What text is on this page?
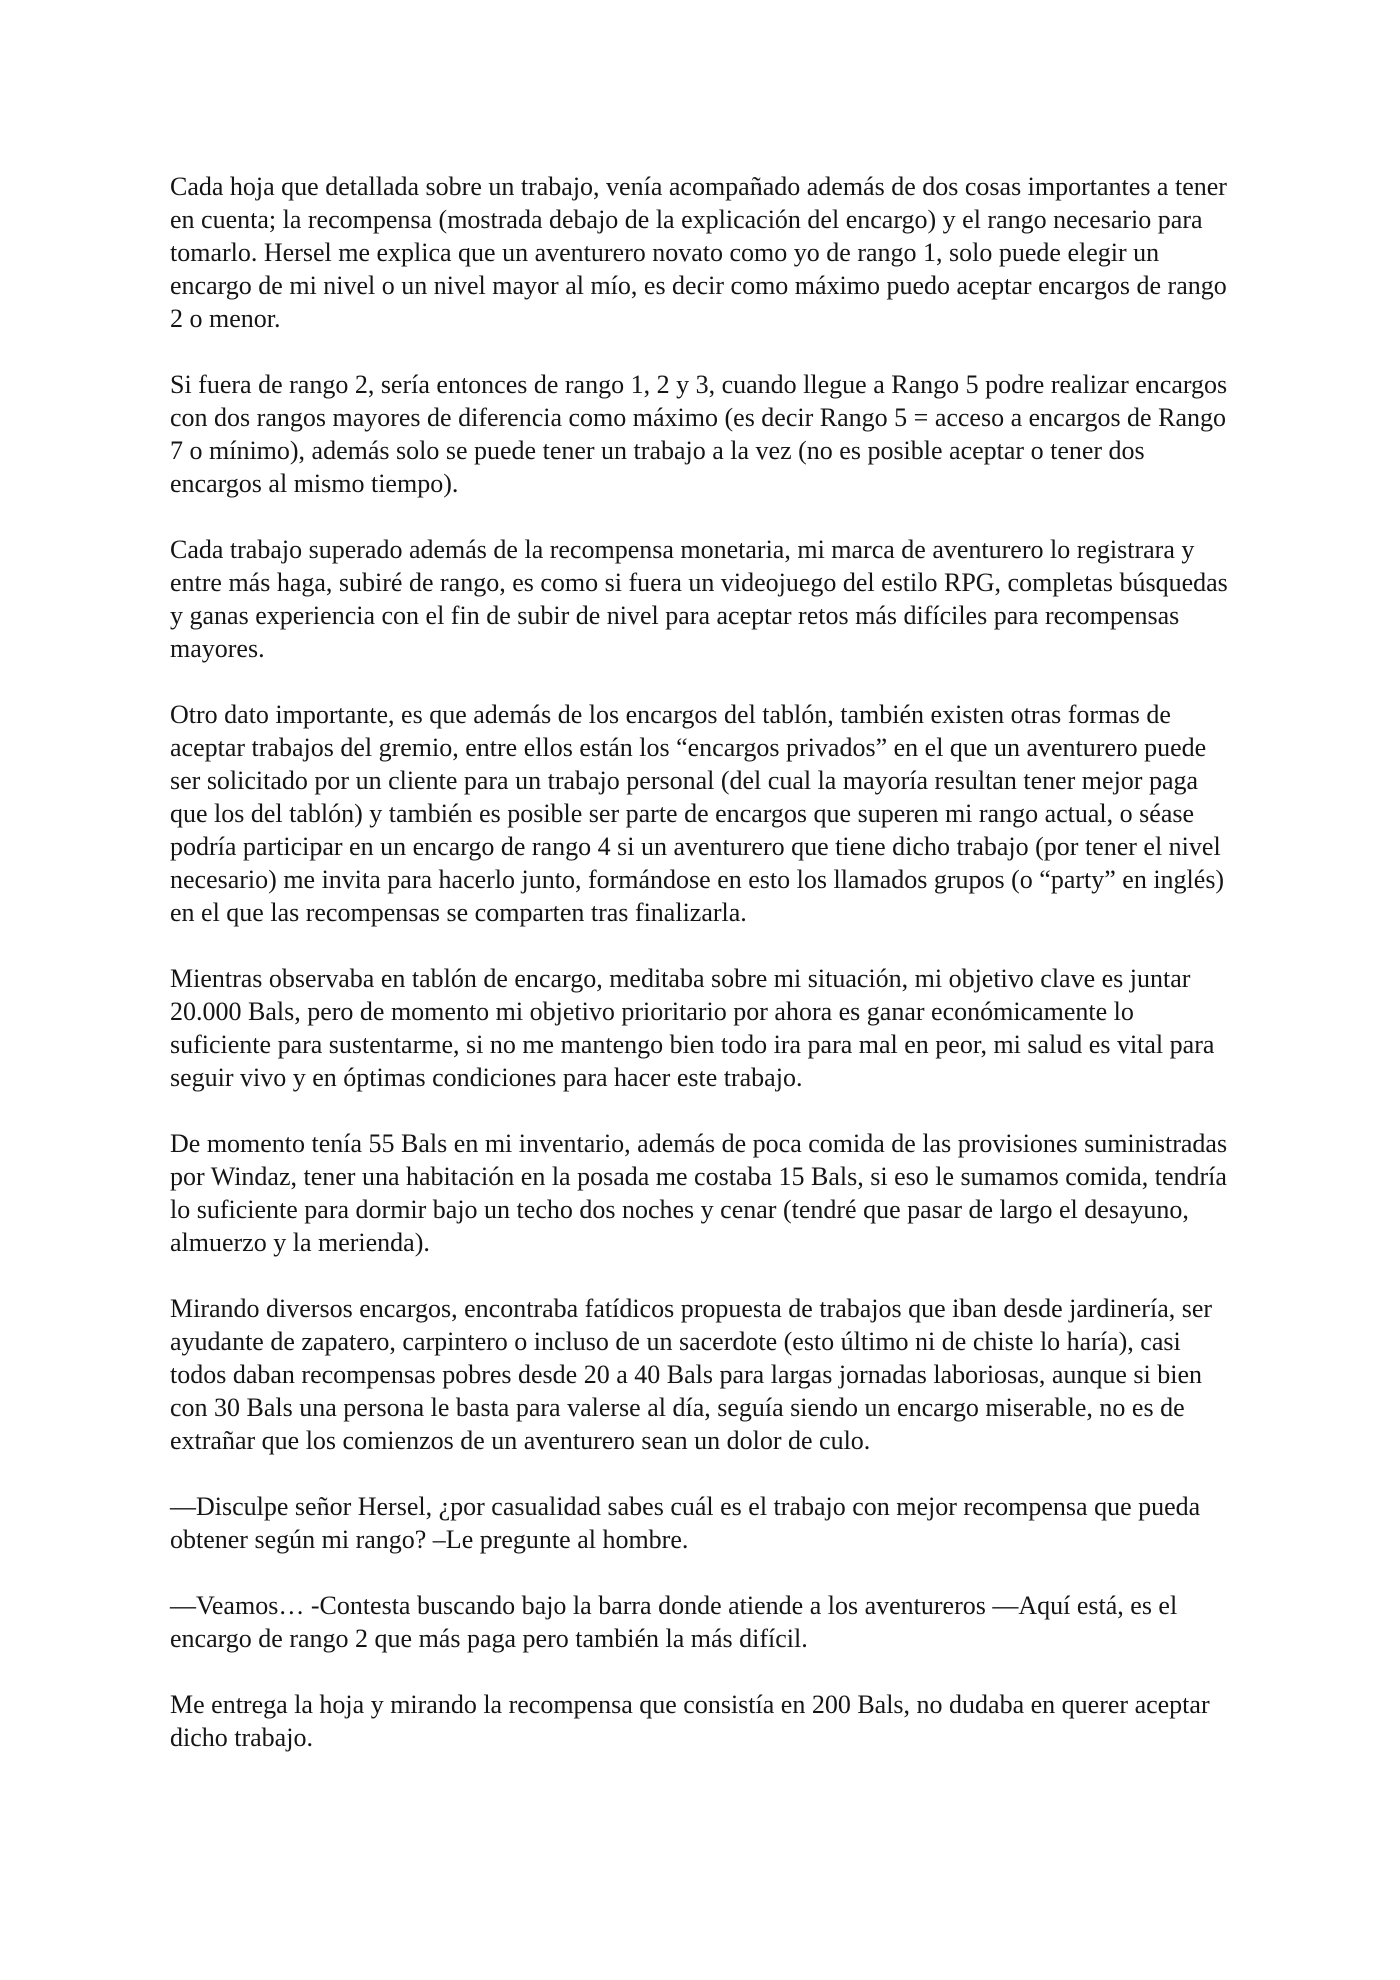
Cada hoja que detallada sobre un trabajo, venía acompañado además de dos cosas importantes a tener en cuenta; la recompensa (mostrada debajo de la explicación del encargo) y el rango necesario para tomarlo. Hersel me explica que un aventurero novato como yo de rango 1, solo puede elegir un encargo de mi nivel o un nivel mayor al mío, es decir como máximo puedo aceptar encargos de rango 2 o menor.

Si fuera de rango 2, sería entonces de rango 1, 2 y 3, cuando llegue a Rango 5 podre realizar encargos con dos rangos mayores de diferencia como máximo (es decir Rango 5 = acceso a encargos de Rango 7 o mínimo), además solo se puede tener un trabajo a la vez (no es posible aceptar o tener dos encargos al mismo tiempo).

Cada trabajo superado además de la recompensa monetaria, mi marca de aventurero lo registrara y entre más haga, subiré de rango, es como si fuera un videojuego del estilo RPG, completas búsquedas y ganas experiencia con el fin de subir de nivel para aceptar retos más difíciles para recompensas mayores.

Otro dato importante, es que además de los encargos del tablón, también existen otras formas de aceptar trabajos del gremio, entre ellos están los “encargos privados” en el que un aventurero puede ser solicitado por un cliente para un trabajo personal (del cual la mayoría resultan tener mejor paga que los del tablón) y también es posible ser parte de encargos que superen mi rango actual, o séase podría participar en un encargo de rango 4 si un aventurero que tiene dicho trabajo (por tener el nivel necesario) me invita para hacerlo junto, formándose en esto los llamados grupos (o “party” en inglés) en el que las recompensas se comparten tras finalizarla.

Mientras observaba en tablón de encargo, meditaba sobre mi situación, mi objetivo clave es juntar 20.000 Bals, pero de momento mi objetivo prioritario por ahora es ganar económicamente lo suficiente para sustentarme, si no me mantengo bien todo ira para mal en peor, mi salud es vital para seguir vivo y en óptimas condiciones para hacer este trabajo.

De momento tenía 55 Bals en mi inventario, además de poca comida de las provisiones suministradas por Windaz, tener una habitación en la posada me costaba 15 Bals, si eso le sumamos comida, tendría lo suficiente para dormir bajo un techo dos noches y cenar (tendré que pasar de largo el desayuno, almuerzo y la merienda).

Mirando diversos encargos, encontraba fatídicos propuesta de trabajos que iban desde jardinería, ser ayudante de zapatero, carpintero o incluso de un sacerdote (esto último ni de chiste lo haría), casi todos daban recompensas pobres desde 20 a 40 Bals para largas jornadas laboriosas, aunque si bien con 30 Bals una persona le basta para valerse al día, seguía siendo un encargo miserable, no es de extrañar que los comienzos de un aventurero sean un dolor de culo.

—Disculpe señor Hersel, ¿por casualidad sabes cuál es el trabajo con mejor recompensa que pueda obtener según mi rango? –Le pregunte al hombre.

—Veamos… -Contesta buscando bajo la barra donde atiende a los aventureros —Aquí está, es el encargo de rango 2 que más paga pero también la más difícil.

Me entrega la hoja y mirando la recompensa que consistía en 200 Bals, no dudaba en querer aceptar dicho trabajo.
